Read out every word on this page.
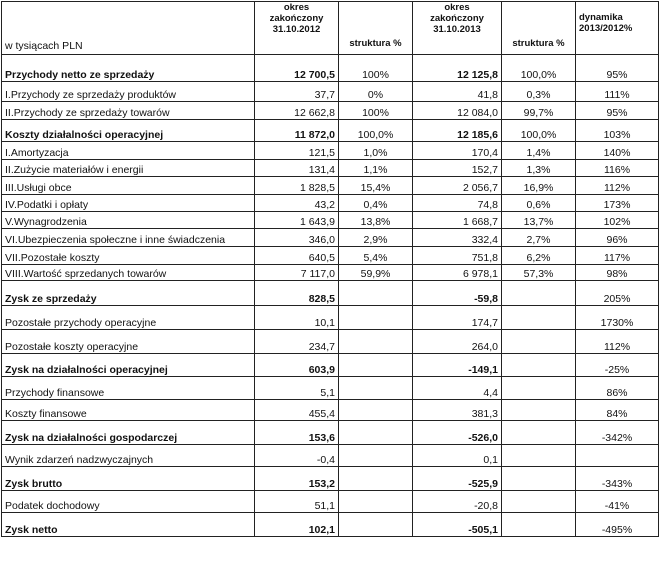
w tysiącach PLN	okres
zakończony
31.10.2012	struktura %	okres
zakończony
31.10.2013	struktura %	dynamika
2013/2012%

Przychody netto ze sprzedaży	12 700,5	100%	12 125,8	100,0%	95%
I.Przychody ze sprzedaży produktów	37,7	0%	41,8	0,3%	111%
II.Przychody ze sprzedaży towarów	12 662,8	100%	12 084,0	99,7%	95%
Koszty działalności operacyjnej	11 872,0	100,0%	12 185,6	100,0%	103%
I.Amortyzacja	121,5	1,0%	170,4	1,4%	140%
II.Zużycie materiałów i energii	131,4	1,1%	152,7	1,3%	116%
III.Usługi obce	1 828,5	15,4%	2 056,7	16,9%	112%
IV.Podatki i opłaty	43,2	0,4%	74,8	0,6%	173%
V.Wynagrodzenia	1 643,9	13,8%	1 668,7	13,7%	102%
VI.Ubezpieczenia społeczne i inne świadczenia	346,0	2,9%	332,4	2,7%	96%
VII.Pozostałe koszty	640,5	5,4%	751,8	6,2%	117%
VIII.Wartość sprzedanych towarów	7 117,0	59,9%	6 978,1	57,3%	98%
Zysk ze sprzedaży	828,5		-59,8		205%
Pozostałe przychody operacyjne	10,1		174,7		1730%
Pozostałe koszty operacyjne	234,7		264,0		112%
Zysk na działalności operacyjnej	603,9		-149,1		-25%
Przychody finansowe	5,1		4,4		86%
Koszty finansowe	455,4		381,3		84%
Zysk na działalności gospodarczej	153,6		-526,0		-342%
Wynik zdarzeń nadzwyczajnych	-0,4		0,1		
Zysk brutto	153,2		-525,9		-343%
Podatek dochodowy	51,1		-20,8		-41%
Zysk netto	102,1		-505,1		-495%
